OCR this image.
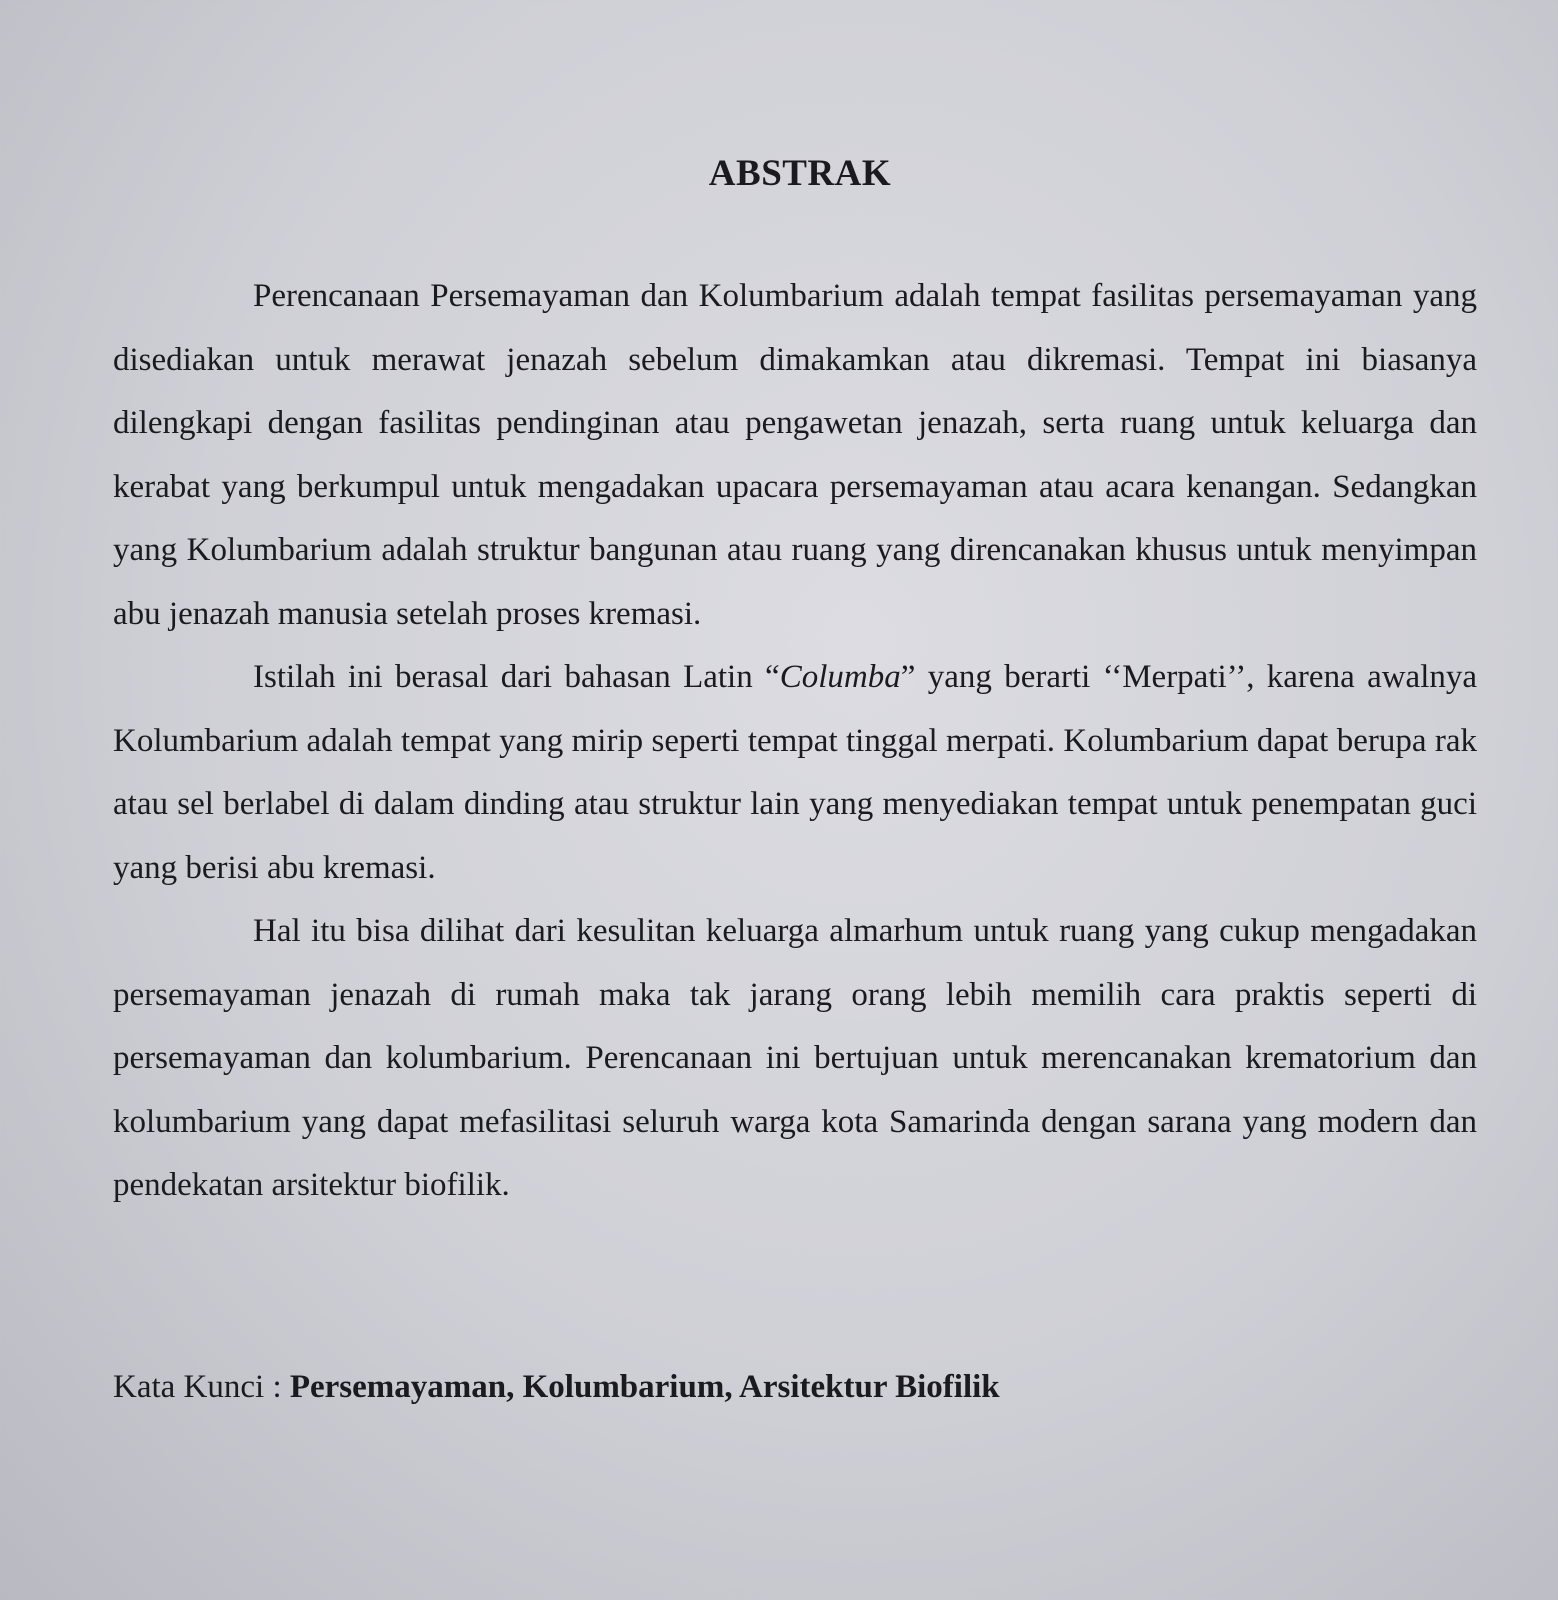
ABSTRAK

Perencanaan Persemayaman dan Kolumbarium adalah tempat fasilitas persemayaman yang disediakan untuk merawat jenazah sebelum dimakamkan atau dikremasi. Tempat ini biasanya dilengkapi dengan fasilitas pendinginan atau pengawetan jenazah, serta ruang untuk keluarga dan kerabat yang berkumpul untuk mengadakan upacara persemayaman atau acara kenangan. Sedangkan yang Kolumbarium adalah struktur bangunan atau ruang yang direncanakan khusus untuk menyimpan abu jenazah manusia setelah proses kremasi.

Istilah ini berasal dari bahasan Latin “Columba” yang berarti ‘‘Merpati’’, karena awalnya Kolumbarium adalah tempat yang mirip seperti tempat tinggal merpati. Kolumbarium dapat berupa rak atau sel berlabel di dalam dinding atau struktur lain yang menyediakan tempat untuk penempatan guci yang berisi abu kremasi.

Hal itu bisa dilihat dari kesulitan keluarga almarhum untuk ruang yang cukup mengadakan persemayaman jenazah di rumah maka tak jarang orang lebih memilih cara praktis seperti di persemayaman dan kolumbarium. Perencanaan ini bertujuan untuk merencanakan krematorium dan kolumbarium yang dapat mefasilitasi seluruh warga kota Samarinda dengan sarana yang modern dan pendekatan arsitektur biofilik.

Kata Kunci : Persemayaman, Kolumbarium, Arsitektur Biofilik
